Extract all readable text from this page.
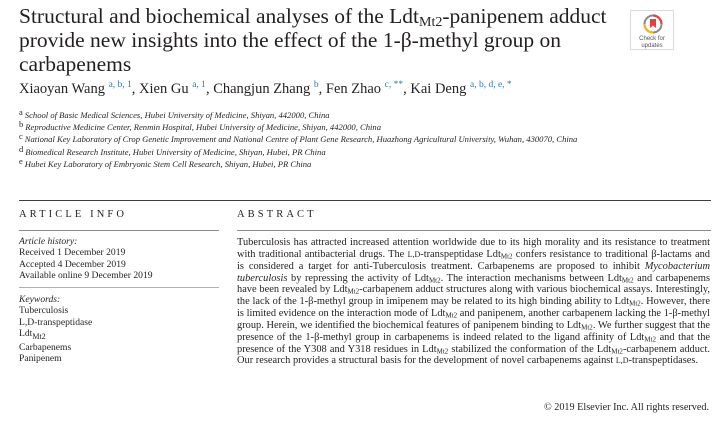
Structural and biochemical analyses of the Ldt$_{Mt2}$-panipenem adduct provide new insights into the effect of the 1-β-methyl group on carbapenems
Check for
updates
Xiaoyan Wang $^{a, b, 1}$, Xien Gu $^{a, 1}$, Changjun Zhang $^b$, Fen Zhao $^{c, **}$, Kai Deng $^{a, b, d, e, *}$
$^a$ School of Basic Medical Sciences, Hubei University of Medicine, Shiyan, 442000, China
$^b$ Reproductive Medicine Center, Renmin Hospital, Hubei University of Medicine, Shiyan, 442000, China
$^c$ National Key Laboratory of Crop Genetic Improvement and National Centre of Plant Gene Research, Huazhong Agricultural University, Wuhan, 430070, China
$^d$ Biomedical Research Institute, Hubei University of Medicine, Shiyan, Hubei, PR China
$^e$ Hubei Key Laboratory of Embryonic Stem Cell Research, Shiyan, Hubei, PR China
ARTICLE INFO
Article history:
Received 1 December 2019
Accepted 4 December 2019
Available online 9 December 2019
Keywords:
Tuberculosis
L,D-transpeptidase
Ldt$_{Mt2}$
Carbapenems
Panipenem
ABSTRACT

Tuberculosis has attracted increased attention worldwide due to its high morality and its resistance to treatment with traditional antibacterial drugs. The L,D-transpeptidase Ldt$_{Mt2}$ confers resistance to traditional β-lactams and is considered a target for anti-Tuberculosis treatment. Carbapenems are proposed to inhibit Mycobacterium tuberculosis by repressing the activity of Ldt$_{Mt2}$. The interaction mechanisms between Ldt$_{Mt2}$ and carbapenems have been revealed by Ldt$_{Mt2}$-carbapenem adduct structures along with various biochemical assays. Interestingly, the lack of the 1-β-methyl group in imipenem may be related to its high binding ability to Ldt$_{Mt2}$. However, there is limited evidence on the interaction mode of Ldt$_{Mt2}$ and panipenem, another carbapenem lacking the 1-β-methyl group. Herein, we identified the biochemical features of panipenem binding to Ldt$_{Mt2}$. We further suggest that the presence of the 1-β-methyl group in carbapenems is indeed related to the ligand affinity of Ldt$_{Mt2}$ and that the presence of the Y308 and Y318 residues in Ldt$_{Mt2}$ stabilized the conformation of the Ldt$_{Mt2}$-carbapenem adduct. Our research provides a structural basis for the development of novel carbapenems against L,D-transpeptidases.

© 2019 Elsevier Inc. All rights reserved.
